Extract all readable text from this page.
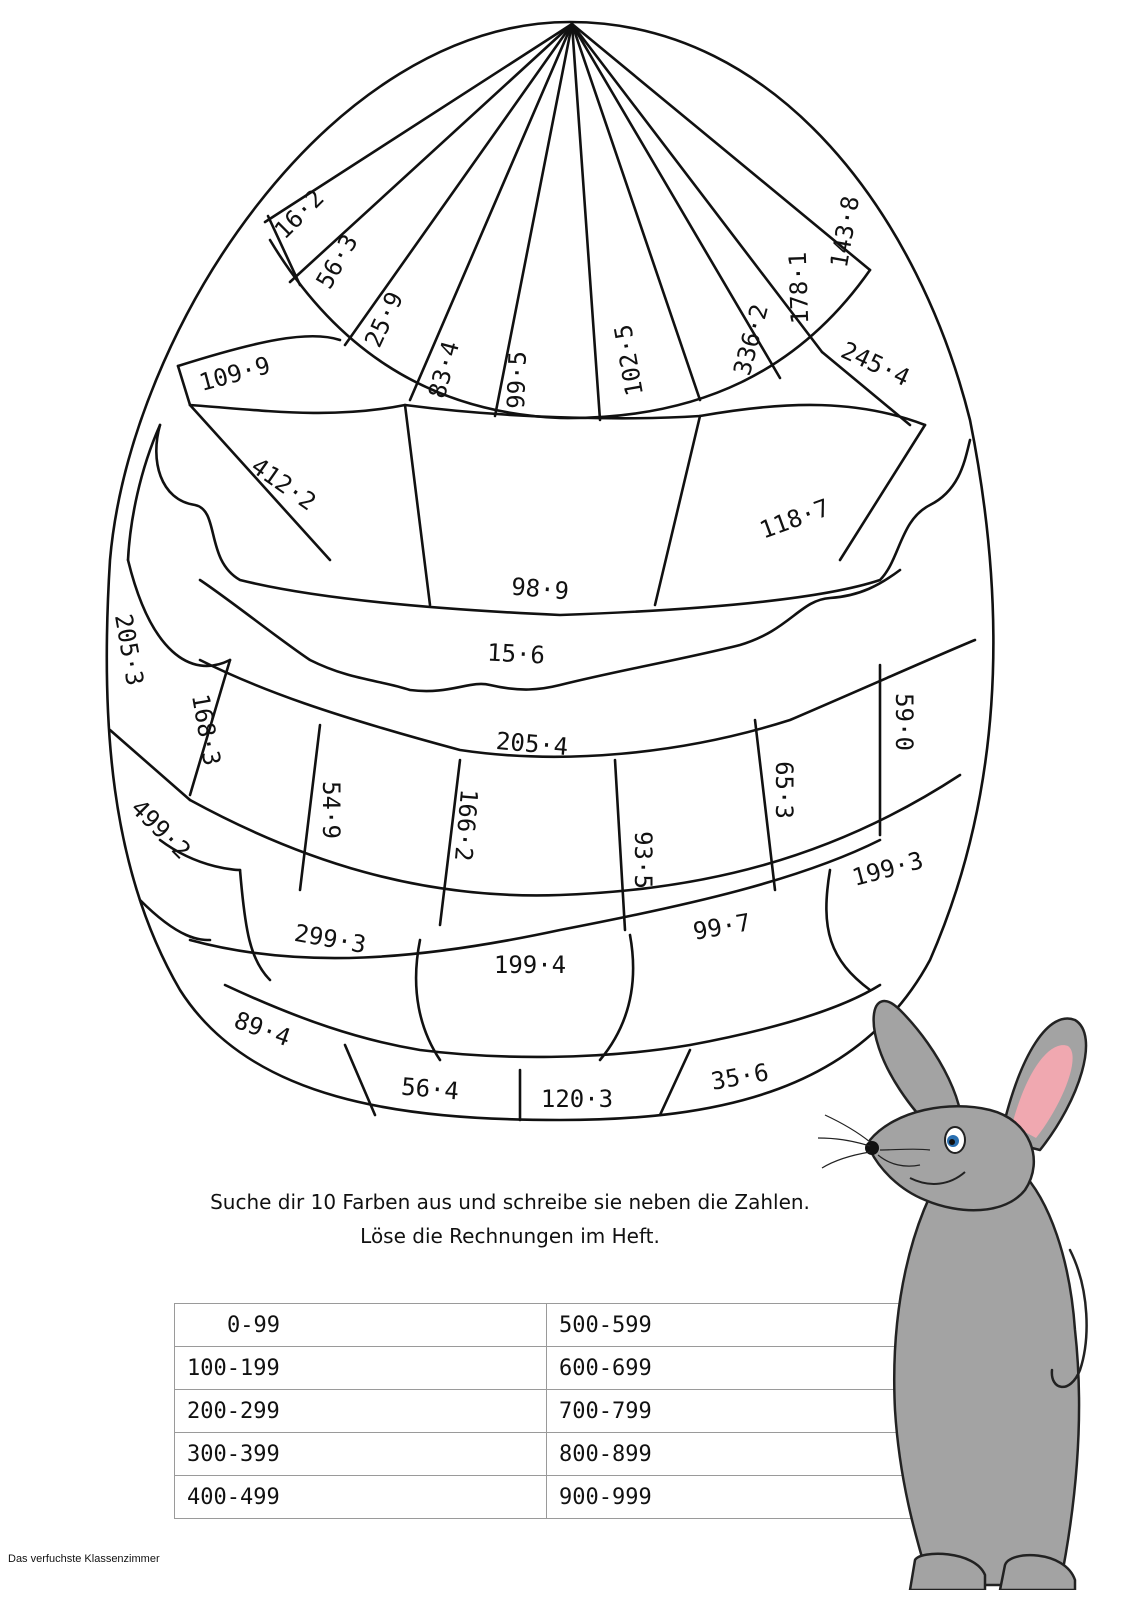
16·2
56·3
25·9
83·4 99·5	102·5	336·2
178·1
143·8
109·9	245·4
412·2
98·9
118·7
15·6
205·3
168·3	205·4	59·0
54·9	166·2	93·5
65·3
499·2
199·3
299·3
199·4
99·7
89·4
56·4	120·3
35·6
Suche dir 10 Farben aus und schreibe sie neben die Zahlen.
Löse die Rechnungen im Heft.
0-99	500-599
100-199	600-699
200-299	700-799
300-399	800-899
400-499	900-999
Das verfuchste Klassenzimmer
